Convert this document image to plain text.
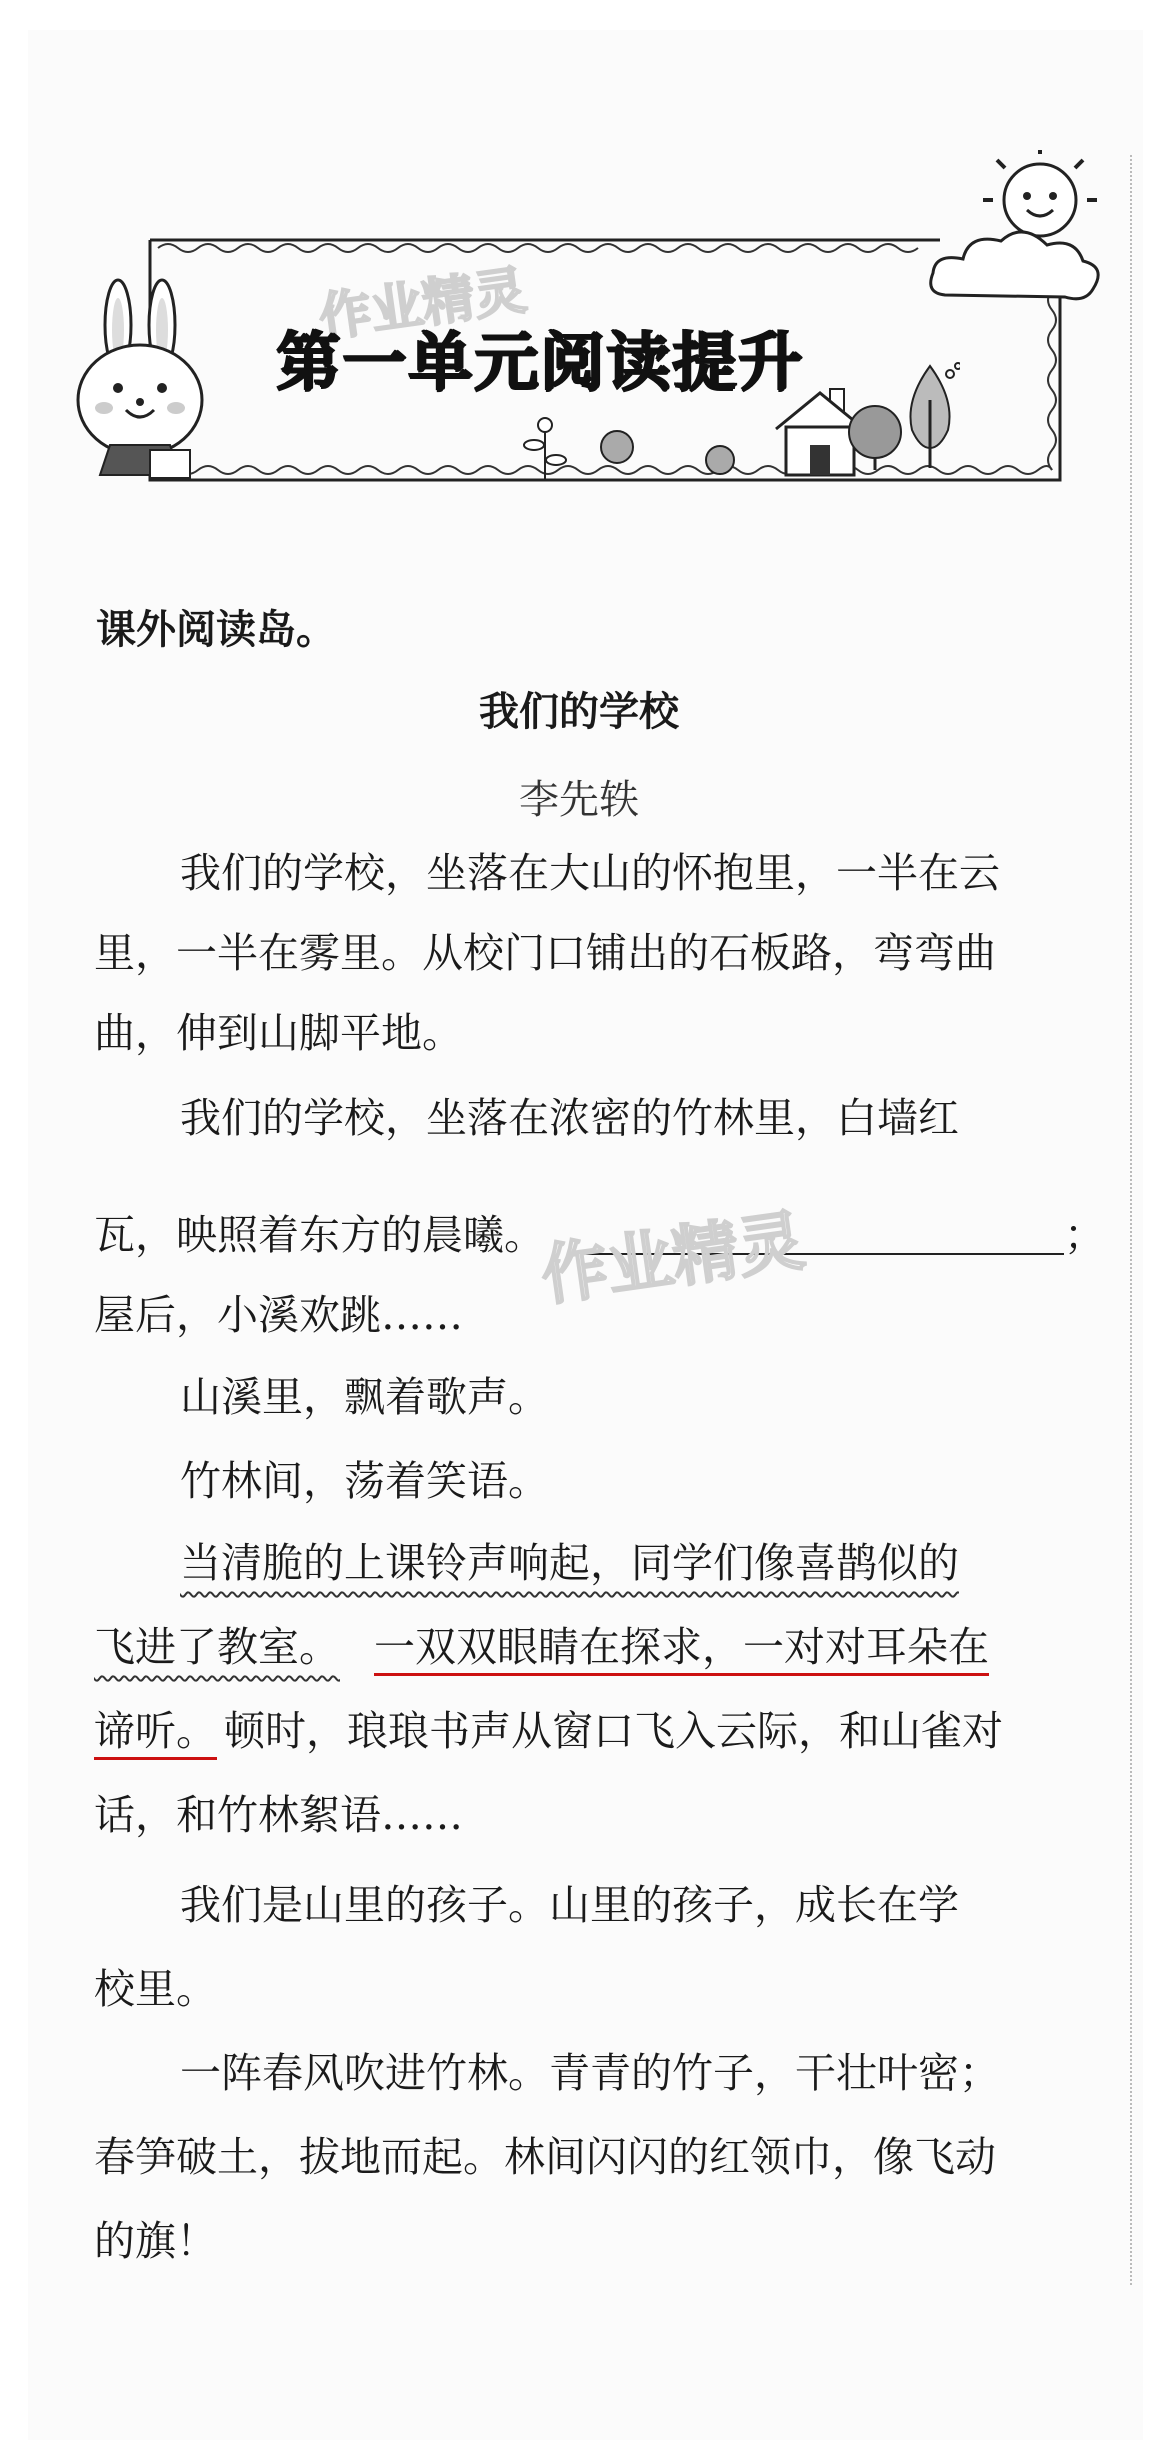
作业精灵
第一单元阅读提升
课外阅读岛。
我们的学校
李先轶
我们的学校，坐落在大山的怀抱里，一半在云
里，一半在雾里。从校门口铺出的石板路，弯弯曲
曲，伸到山脚平地。
我们的学校，坐落在浓密的竹林里，白墙红
瓦，映照着东方的晨曦。	；
屋后，小溪欢跳……
山溪里，飘着歌声。
竹林间，荡着笑语。
当清脆的上课铃声响起，同学们像喜鹊似的
飞进了教室。 一双双眼睛在探求，一对对耳朵在
谛听。 顿时，琅琅书声从窗口飞入云际，和山雀对
话，和竹林絮语……
我们是山里的孩子。山里的孩子，成长在学
校里。
一阵春风吹进竹林。青青的竹子，干壮叶密；
春笋破土，拔地而起。林间闪闪的红领巾，像飞动
的旗！
作业精灵
